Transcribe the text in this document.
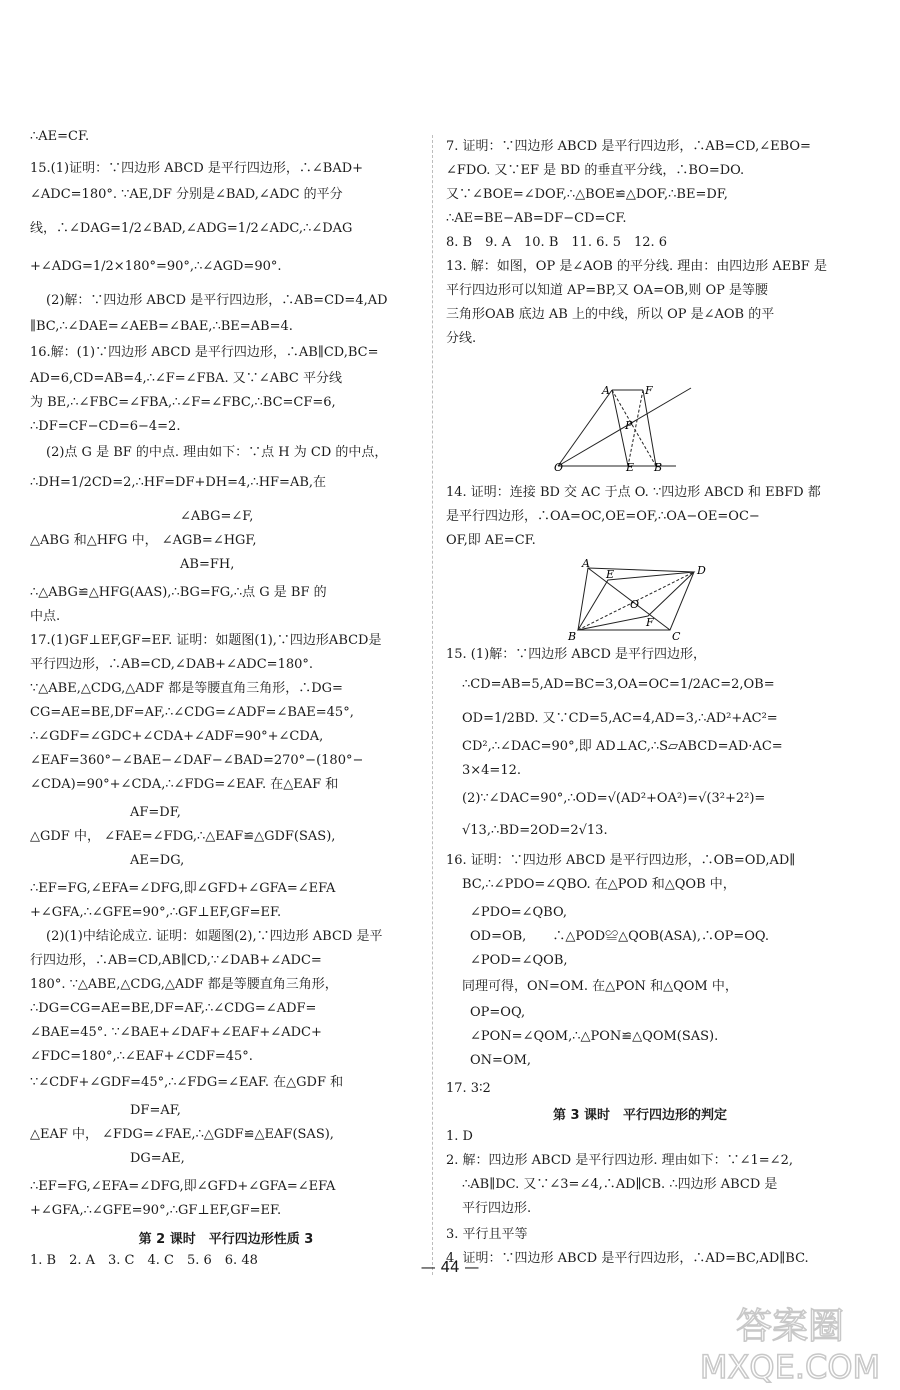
∴AE=CF.
15.(1)证明：∵四边形 ABCD 是平行四边形，∴∠BAD+
∠ADC=180°. ∵AE,DF 分别是∠BAD,∠ADC 的平分
线，∴∠DAG=1/2∠BAD,∠ADG=1/2∠ADC,∴∠DAG
+∠ADG=1/2×180°=90°,∴∠AGD=90°.
(2)解：∵四边形 ABCD 是平行四边形，∴AB=CD=4,AD
∥BC,∴∠DAE=∠AEB=∠BAE,∴BE=AB=4.
16.解：(1)∵四边形 ABCD 是平行四边形，∴AB∥CD,BC=
AD=6,CD=AB=4,∴∠F=∠FBA. 又∵∠ABC 平分线
为 BE,∴∠FBC=∠FBA,∴∠F=∠FBC,∴BC=CF=6,
∴DF=CF−CD=6−4=2.
(2)点 G 是 BF 的中点. 理由如下：∵点 H 为 CD 的中点，
∴DH=1/2CD=2,∴HF=DF+DH=4,∴HF=AB,在
∠ABG=∠F,
△ABG 和△HFG 中， ∠AGB=∠HGF,
AB=FH,
∴△ABG≌△HFG(AAS),∴BG=FG,∴点 G 是 BF 的
中点.
17.(1)GF⊥EF,GF=EF. 证明：如题图(1),∵四边形ABCD是
平行四边形，∴AB=CD,∠DAB+∠ADC=180°.
∵△ABE,△CDG,△ADF 都是等腰直角三角形，∴DG=
CG=AE=BE,DF=AF,∴∠CDG=∠ADF=∠BAE=45°,
∴∠GDF=∠GDC+∠CDA+∠ADF=90°+∠CDA,
∠EAF=360°−∠BAE−∠DAF−∠BAD=270°−(180°−
∠CDA)=90°+∠CDA,∴∠FDG=∠EAF. 在△EAF 和
AF=DF,
△GDF 中， ∠FAE=∠FDG,∴△EAF≌△GDF(SAS),
AE=DG,
∴EF=FG,∠EFA=∠DFG,即∠GFD+∠GFA=∠EFA
+∠GFA,∴∠GFE=90°,∴GF⊥EF,GF=EF.
(2)(1)中结论成立. 证明：如题图(2),∵四边形 ABCD 是平
行四边形，∴AB=CD,AB∥CD,∵∠DAB+∠ADC=
180°. ∵△ABE,△CDG,△ADF 都是等腰直角三角形，
∴DG=CG=AE=BE,DF=AF,∴∠CDG=∠ADF=
∠BAE=45°. ∵∠BAE+∠DAF+∠EAF+∠ADC+
∠FDC=180°,∴∠EAF+∠CDF=45°.
∵∠CDF+∠GDF=45°,∴∠FDG=∠EAF. 在△GDF 和
DF=AF,
△EAF 中， ∠FDG=∠FAE,∴△GDF≌△EAF(SAS),
DG=AE,
∴EF=FG,∠EFA=∠DFG,即∠GFD+∠GFA=∠EFA
+∠GFA,∴∠GFE=90°,∴GF⊥EF,GF=EF.
第 2 课时　平行四边形性质 3
1. B　2. A　3. C　4. C　5. 6　6. 48
7. 证明：∵四边形 ABCD 是平行四边形，∴AB=CD,∠EBO=
∠FDO. 又∵EF 是 BD 的垂直平分线，∴BO=DO.
又∵∠BOE=∠DOF,∴△BOE≌△DOF,∴BE=DF,
∴AE=BE−AB=DF−CD=CF.
8. B　9. A　10. B　11. 6. 5　12. 6
13. 解：如图，OP 是∠AOB 的平分线. 理由：由四边形 AEBF 是
平行四边形可以知道 AP=BP,又 OA=OB,则 OP 是等腰
三角形OAB 底边 AB 上的中线，所以 OP 是∠AOB 的平
分线.
A	F
P
O	E B
14. 证明：连接 BD 交 AC 于点 O. ∵四边形 ABCD 和 EBFD 都
是平行四边形，∴OA=OC,OE=OF,∴OA−OE=OC−
OF,即 AE=CF.
A
E	D
O
B
F
C
15. (1)解：∵四边形 ABCD 是平行四边形，
∴CD=AB=5,AD=BC=3,OA=OC=1/2AC=2,OB=
OD=1/2BD. 又∵CD=5,AC=4,AD=3,∴AD²+AC²=
CD²,∴∠DAC=90°,即 AD⊥AC,∴S▱ABCD=AD·AC=
3×4=12.
(2)∵∠DAC=90°,∴OD=√(AD²+OA²)=√(3²+2²)=
√13,∴BD=2OD=2√13.
16. 证明：∵四边形 ABCD 是平行四边形，∴OB=OD,AD∥
BC,∴∠PDO=∠QBO. 在△POD 和△QOB 中，
∠PDO=∠QBO,
OD=OB,　　∴△POD≌△QOB(ASA),∴OP=OQ.
∠POD=∠QOB,
同理可得，ON=OM. 在△PON 和△QOM 中，
OP=OQ,
∠PON=∠QOM,∴△PON≌△QOM(SAS).
ON=OM,
17. 3∶2
第 3 课时　平行四边形的判定
1. D
2. 解：四边形 ABCD 是平行四边形. 理由如下：∵∠1=∠2,
∴AB∥DC. 又∵∠3=∠4,∴AD∥CB. ∴四边形 ABCD 是
平行四边形.
3. 平行且平等
4. 证明：∵四边形 ABCD 是平行四边形，∴AD=BC,AD∥BC.
— 44 —
答案圈
MXQE.COM
